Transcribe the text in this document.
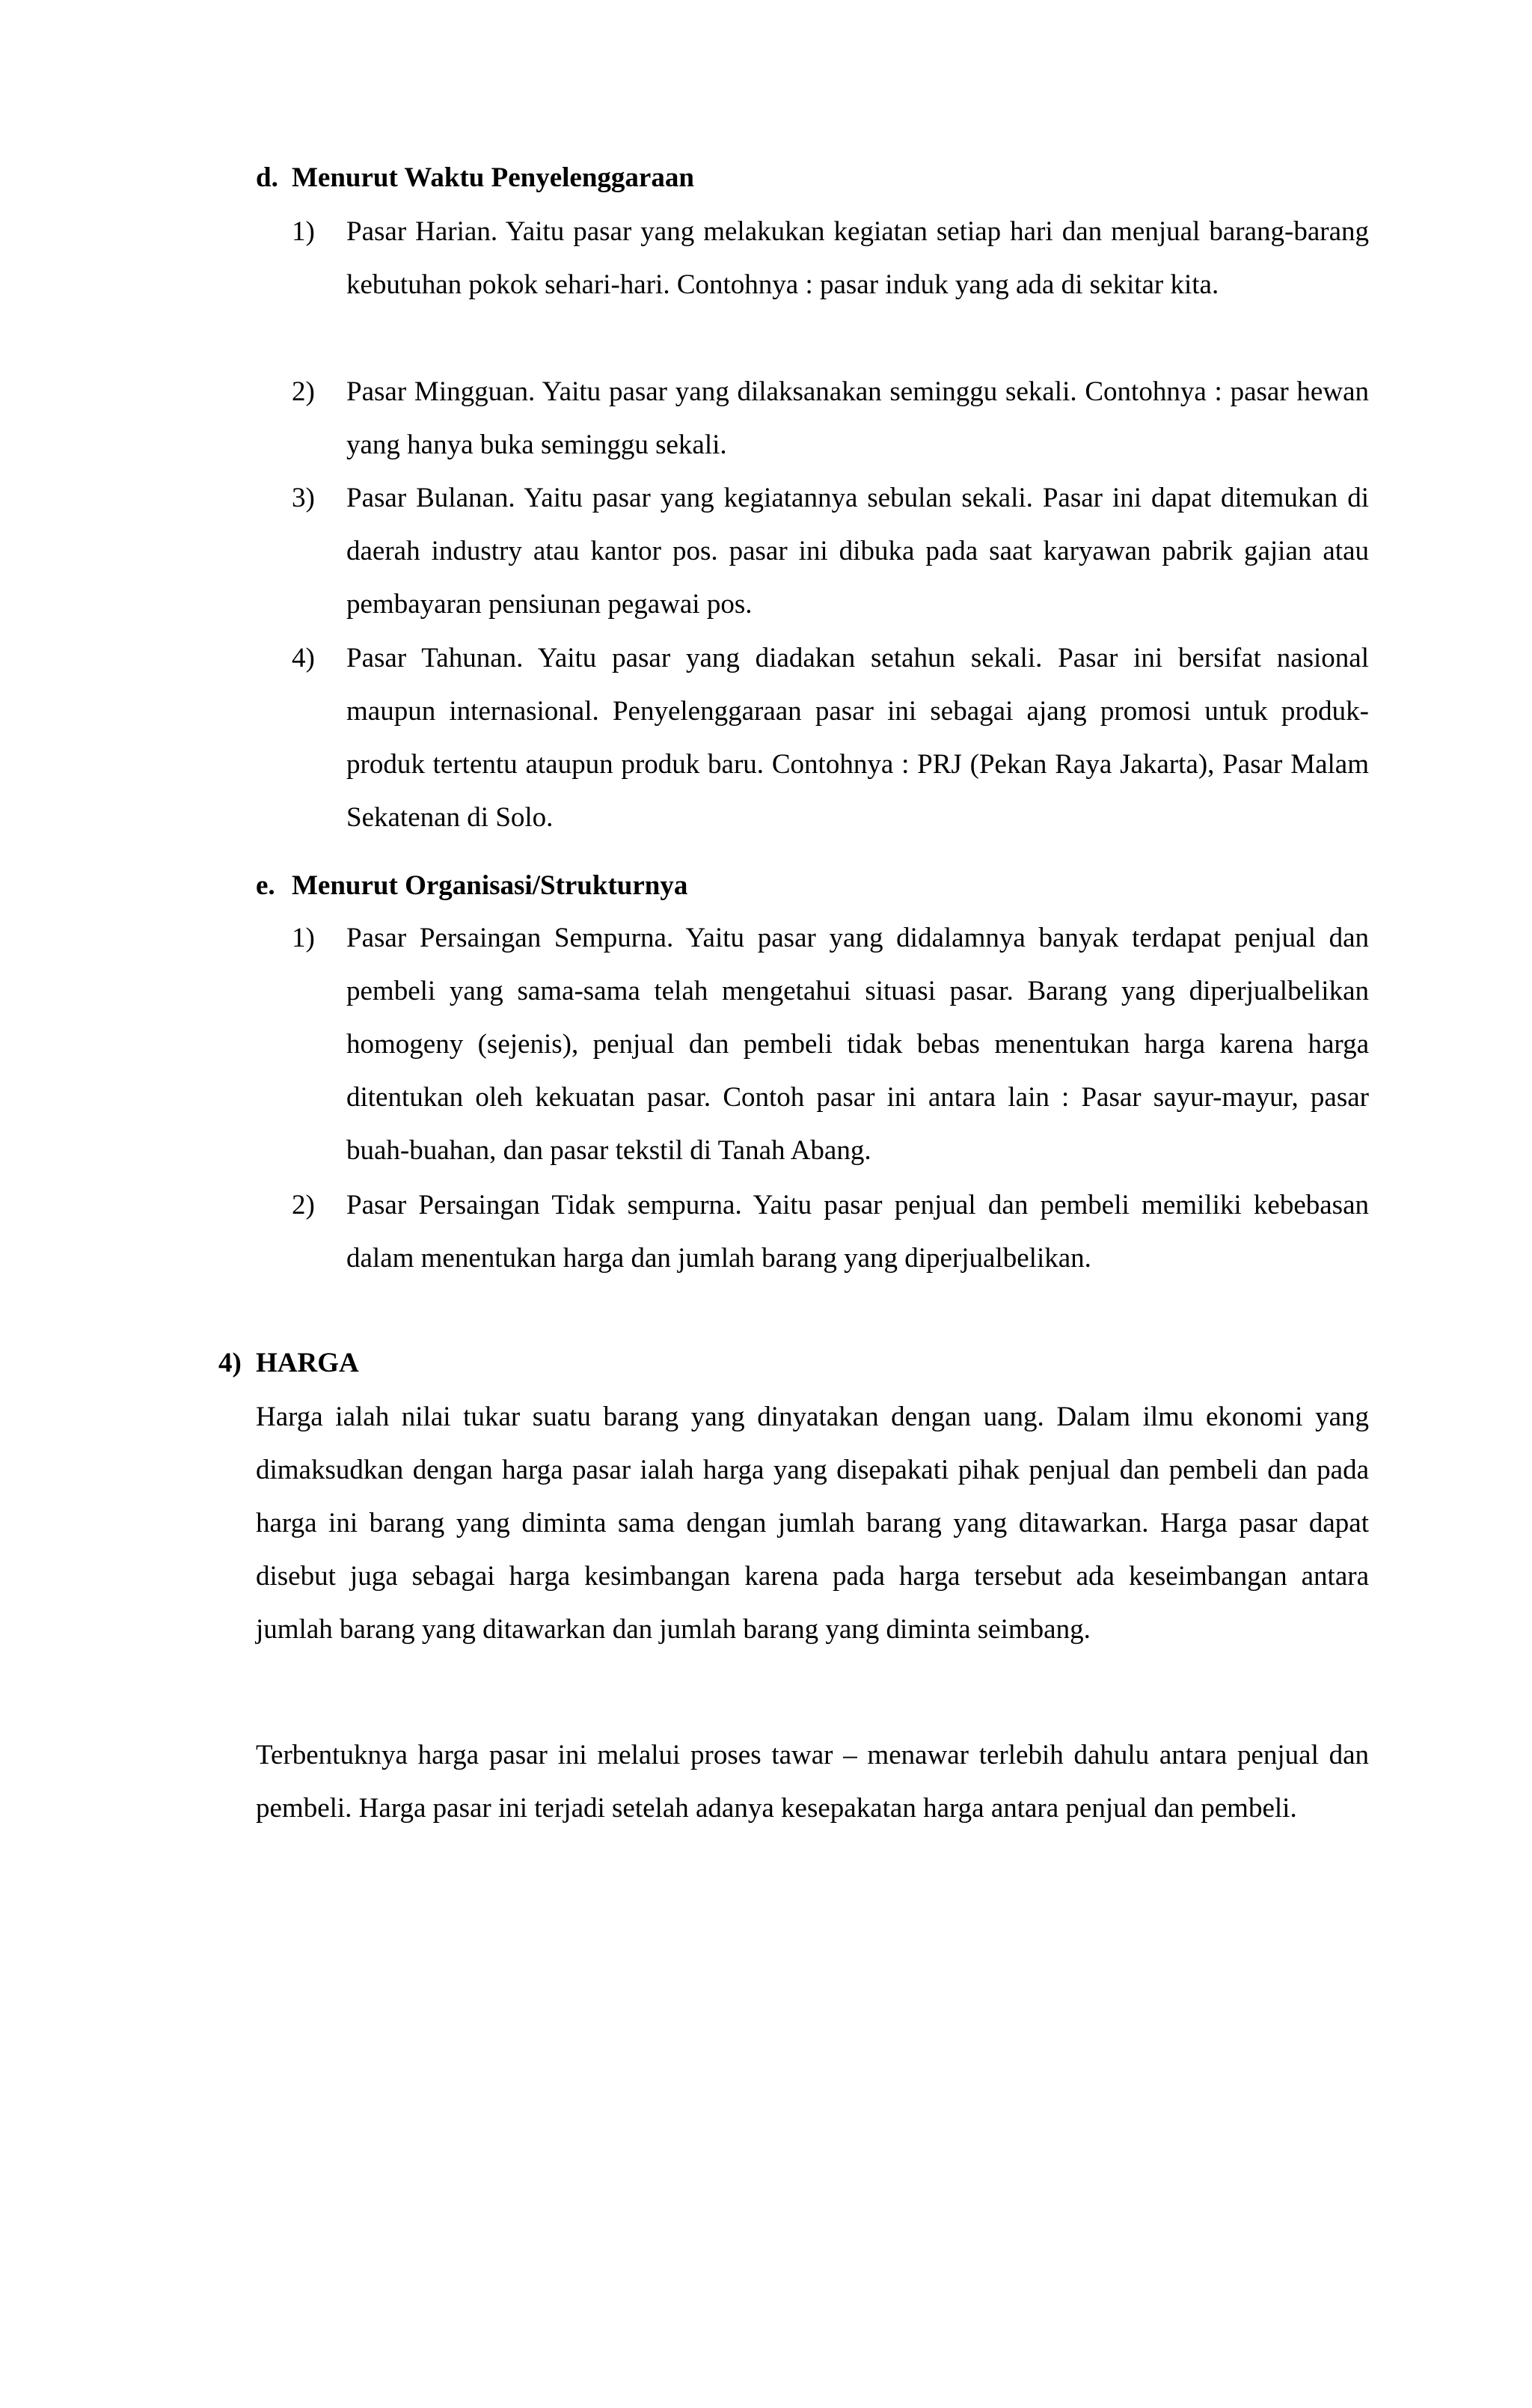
d. Menurut Waktu Penyelenggaraan
1) Pasar Harian. Yaitu pasar yang melakukan kegiatan setiap hari dan menjual barang-barang kebutuhan pokok sehari-hari. Contohnya : pasar induk yang ada di sekitar kita.
2) Pasar Mingguan. Yaitu pasar yang dilaksanakan seminggu sekali. Contohnya : pasar hewan yang hanya buka seminggu sekali.
3) Pasar Bulanan. Yaitu pasar yang kegiatannya sebulan sekali. Pasar ini dapat ditemukan di daerah industry atau kantor pos. pasar ini dibuka pada saat karyawan pabrik gajian atau pembayaran pensiunan pegawai pos.
4) Pasar Tahunan. Yaitu pasar yang diadakan setahun sekali. Pasar ini bersifat nasional maupun internasional. Penyelenggaraan pasar ini sebagai ajang promosi untuk produk-produk tertentu ataupun produk baru. Contohnya : PRJ (Pekan Raya Jakarta), Pasar Malam Sekatenan di Solo.
e. Menurut Organisasi/Strukturnya
1) Pasar Persaingan Sempurna. Yaitu pasar yang didalamnya banyak terdapat penjual dan pembeli yang sama-sama telah mengetahui situasi pasar. Barang yang diperjualbelikan homogeny (sejenis), penjual dan pembeli tidak bebas menentukan harga karena harga ditentukan oleh kekuatan pasar. Contoh pasar ini antara lain : Pasar sayur-mayur, pasar buah-buahan, dan pasar tekstil di Tanah Abang.
2) Pasar Persaingan Tidak sempurna. Yaitu pasar penjual dan pembeli memiliki kebebasan dalam menentukan harga dan jumlah barang yang diperjualbelikan.
4) HARGA
Harga ialah nilai tukar suatu barang yang dinyatakan dengan uang. Dalam ilmu ekonomi yang dimaksudkan dengan harga pasar ialah harga yang disepakati pihak penjual dan pembeli dan pada harga ini barang yang diminta sama dengan jumlah barang yang ditawarkan. Harga pasar dapat disebut juga sebagai harga kesimbangan karena pada harga tersebut ada keseimbangan antara jumlah barang yang ditawarkan dan jumlah barang yang diminta seimbang.
Terbentuknya harga pasar ini melalui proses tawar – menawar terlebih dahulu antara penjual dan pembeli. Harga pasar ini terjadi setelah adanya kesepakatan harga antara penjual dan pembeli.
